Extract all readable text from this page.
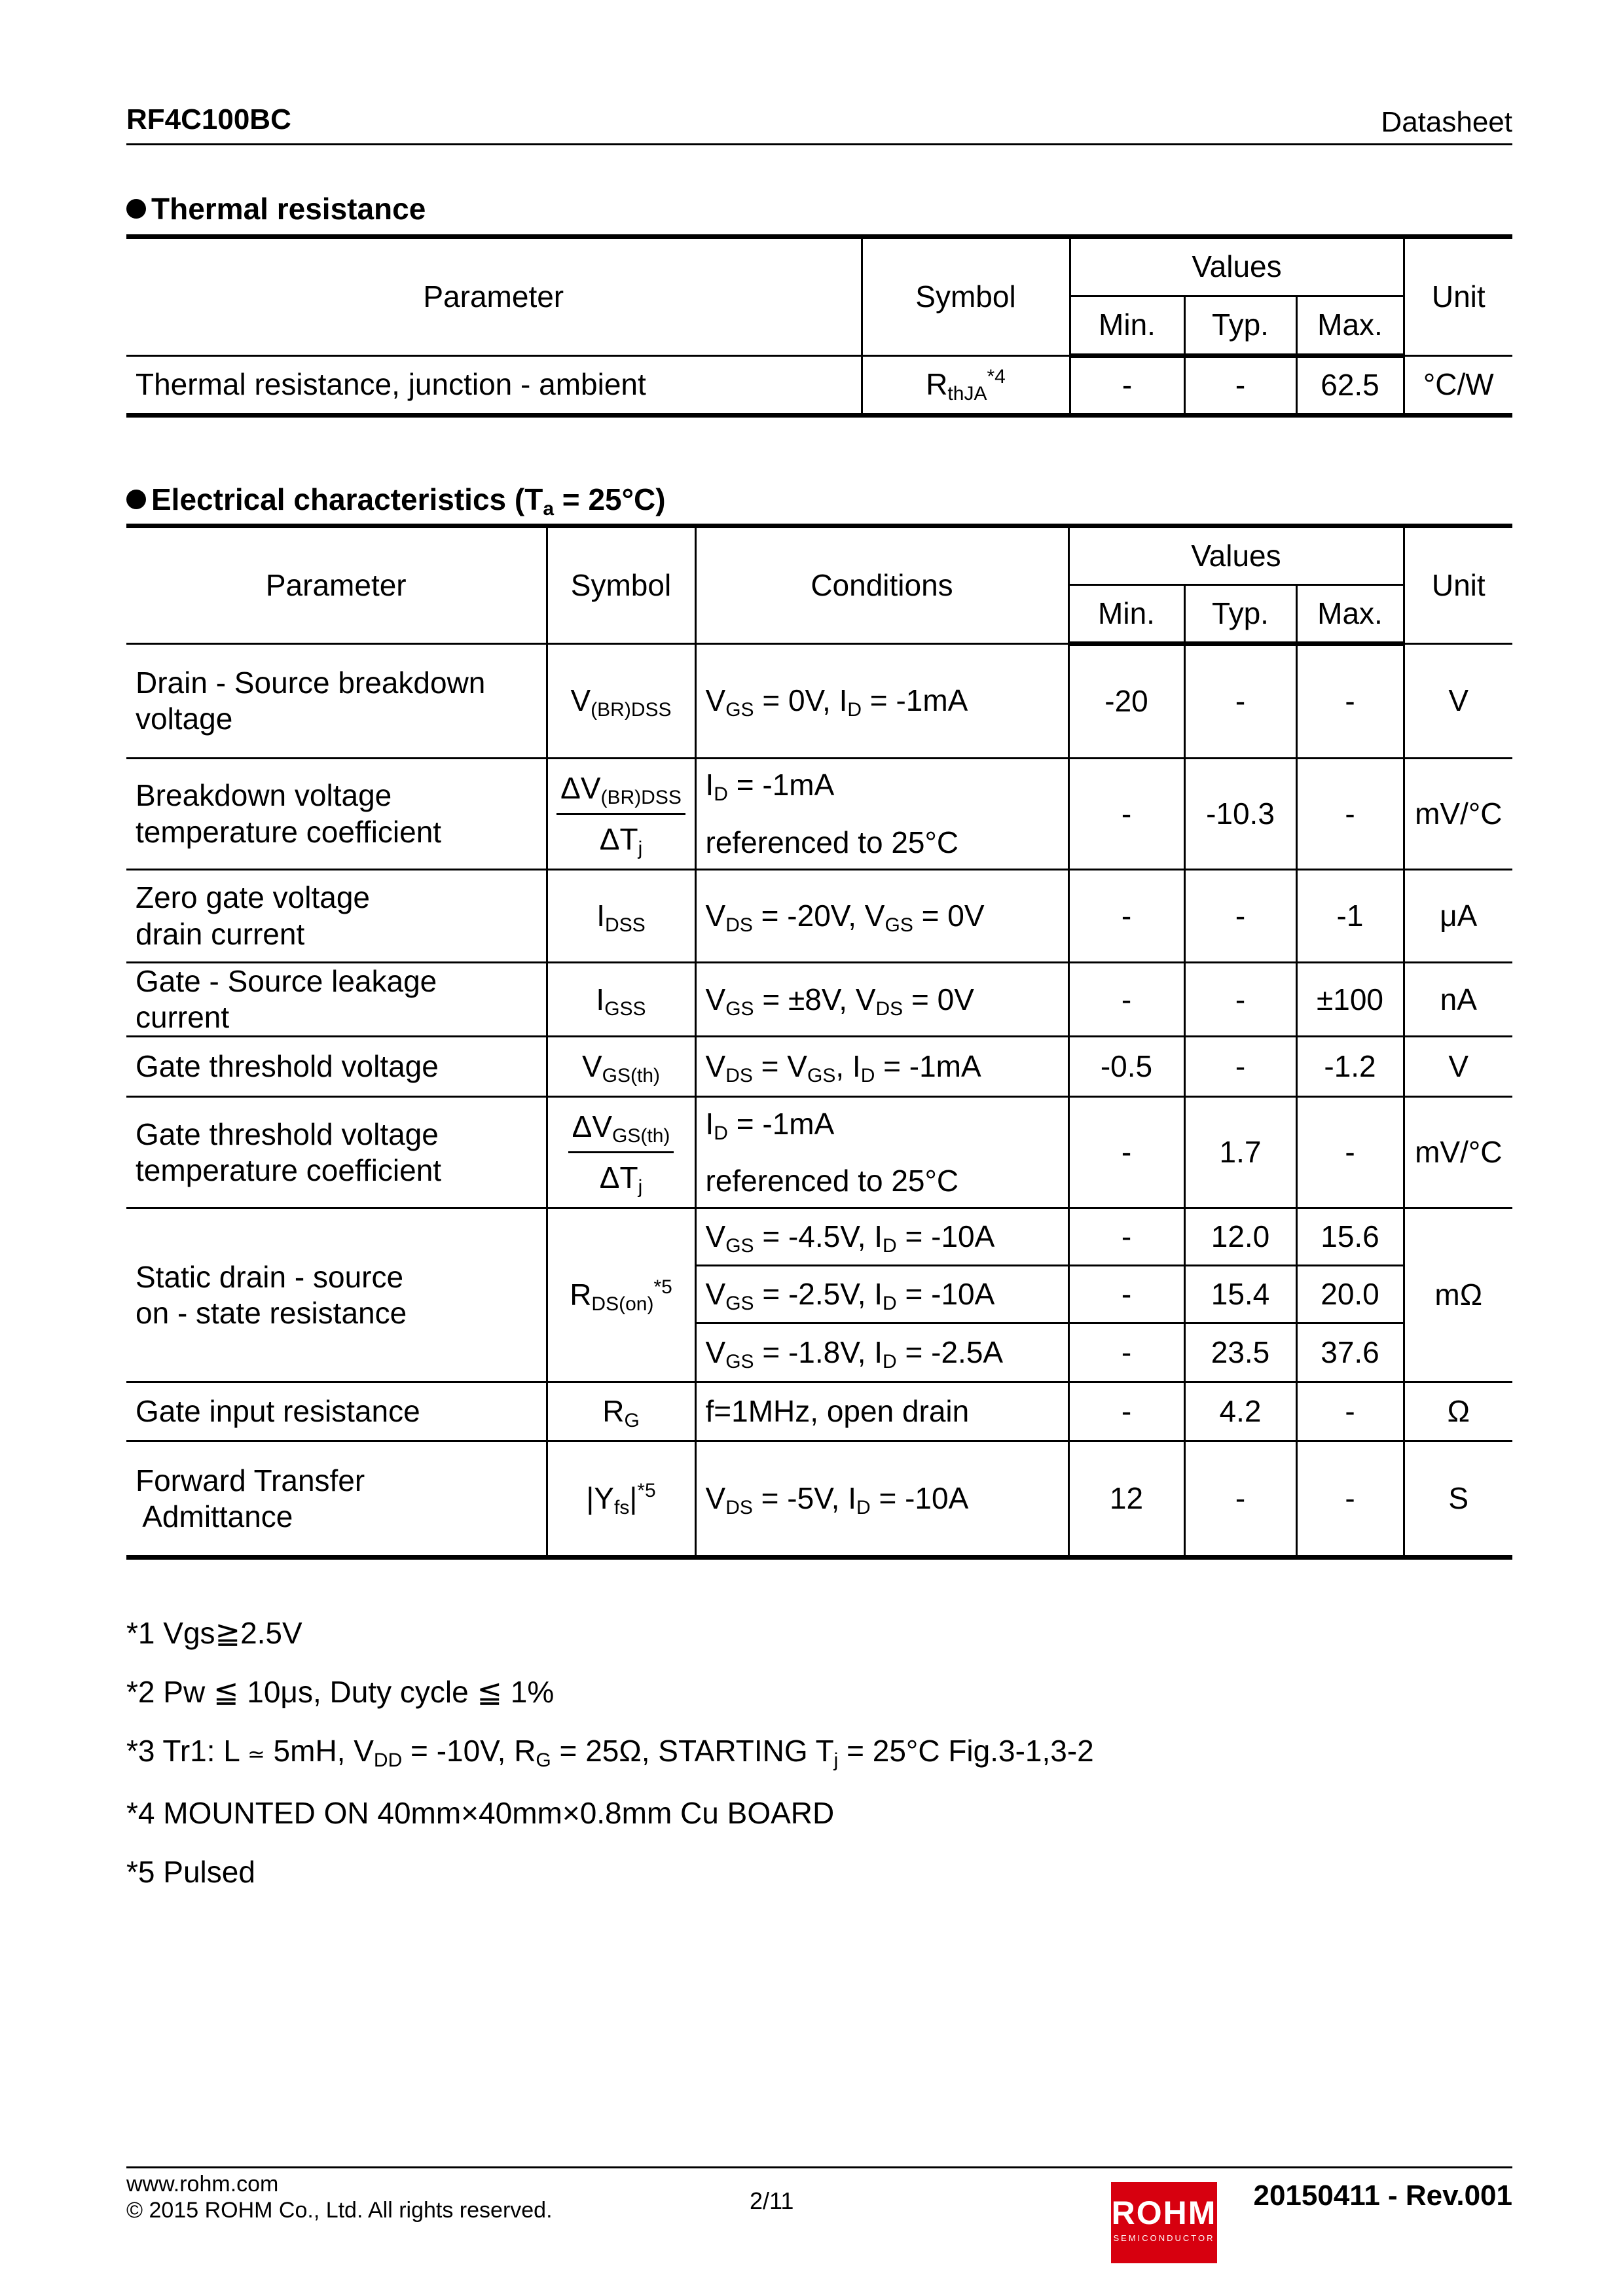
RF4C100BC	Datasheet
Thermal resistance
Parameter	Symbol	Values			Unit
		Min.	Typ.	Max.	
Thermal resistance, junction - ambient	$R_{thJA}^{*4}$	-	-	62.5	°C/W
Electrical characteristics $(T_a = 25^\circ C)$
Parameter	Symbol	Conditions	Values			Unit
			Min.	Typ.	Max.	
Drain - Source breakdown
voltage	$V_{(BR)DSS}$	$V_{GS} = 0V$, $I_D = -1mA$	-20	-	-	V
Breakdown voltage
temperature coefficient	$\frac{\Delta V_{(BR)DSS}}{\Delta T_j}$	$I_D = -1mA$
referenced to 25°C	-	-10.3	-	mV/°C
Zero gate voltage
drain current	$I_{DSS}$	$V_{DS} = -20V$, $V_{GS} = 0V$	-	-	-1	μA
Gate - Source leakage current	$I_{GSS}$	$V_{GS} = \pm 8V$, $V_{DS} = 0V$	-	-	±100	nA
Gate threshold voltage	$V_{GS(th)}$	$V_{DS} = V_{GS}$, $I_D = -1mA$	-0.5	-	-1.2	V
Gate threshold voltage
temperature coefficient	$\frac{\Delta V_{GS(th)}}{\Delta T_j}$	$I_D = -1mA$
referenced to 25°C	-	1.7	-	mV/°C
Static drain - source
on - state resistance	$R_{DS(on)}^{*5}$	$V_{GS} = -4.5V$, $I_D = -10A$	-	12.0	15.6	mΩ
		$V_{GS} = -2.5V$, $I_D = -10A$	-	15.4	20.0	
		$V_{GS} = -1.8V$, $I_D = -2.5A$	-	23.5	37.6	
Gate input resistance	$R_G$	f=1MHz, open drain	-	4.2	-	Ω
Forward Transfer
Admittance	$|Y_{fs}|^{*5}$	$V_{DS} = -5V$, $I_D = -10A$	12	-	-	S
*1 Vgs≧2.5V
*2 Pw ≦ 10μs, Duty cycle ≦ 1%
*3 Tr1: L ≃ 5mH, $V_{DD} = -10V$, $R_G = 25\Omega$, STARTING $T_j = 25^\circ C$ Fig.3-1,3-2
*4 MOUNTED ON 40mm×40mm×0.8mm Cu BOARD
*5 Pulsed
www.rohm.com
© 2015 ROHM Co., Ltd. All rights reserved.	2/11	ROHM
SEMICONDUCTOR
20150411 - Rev.001
